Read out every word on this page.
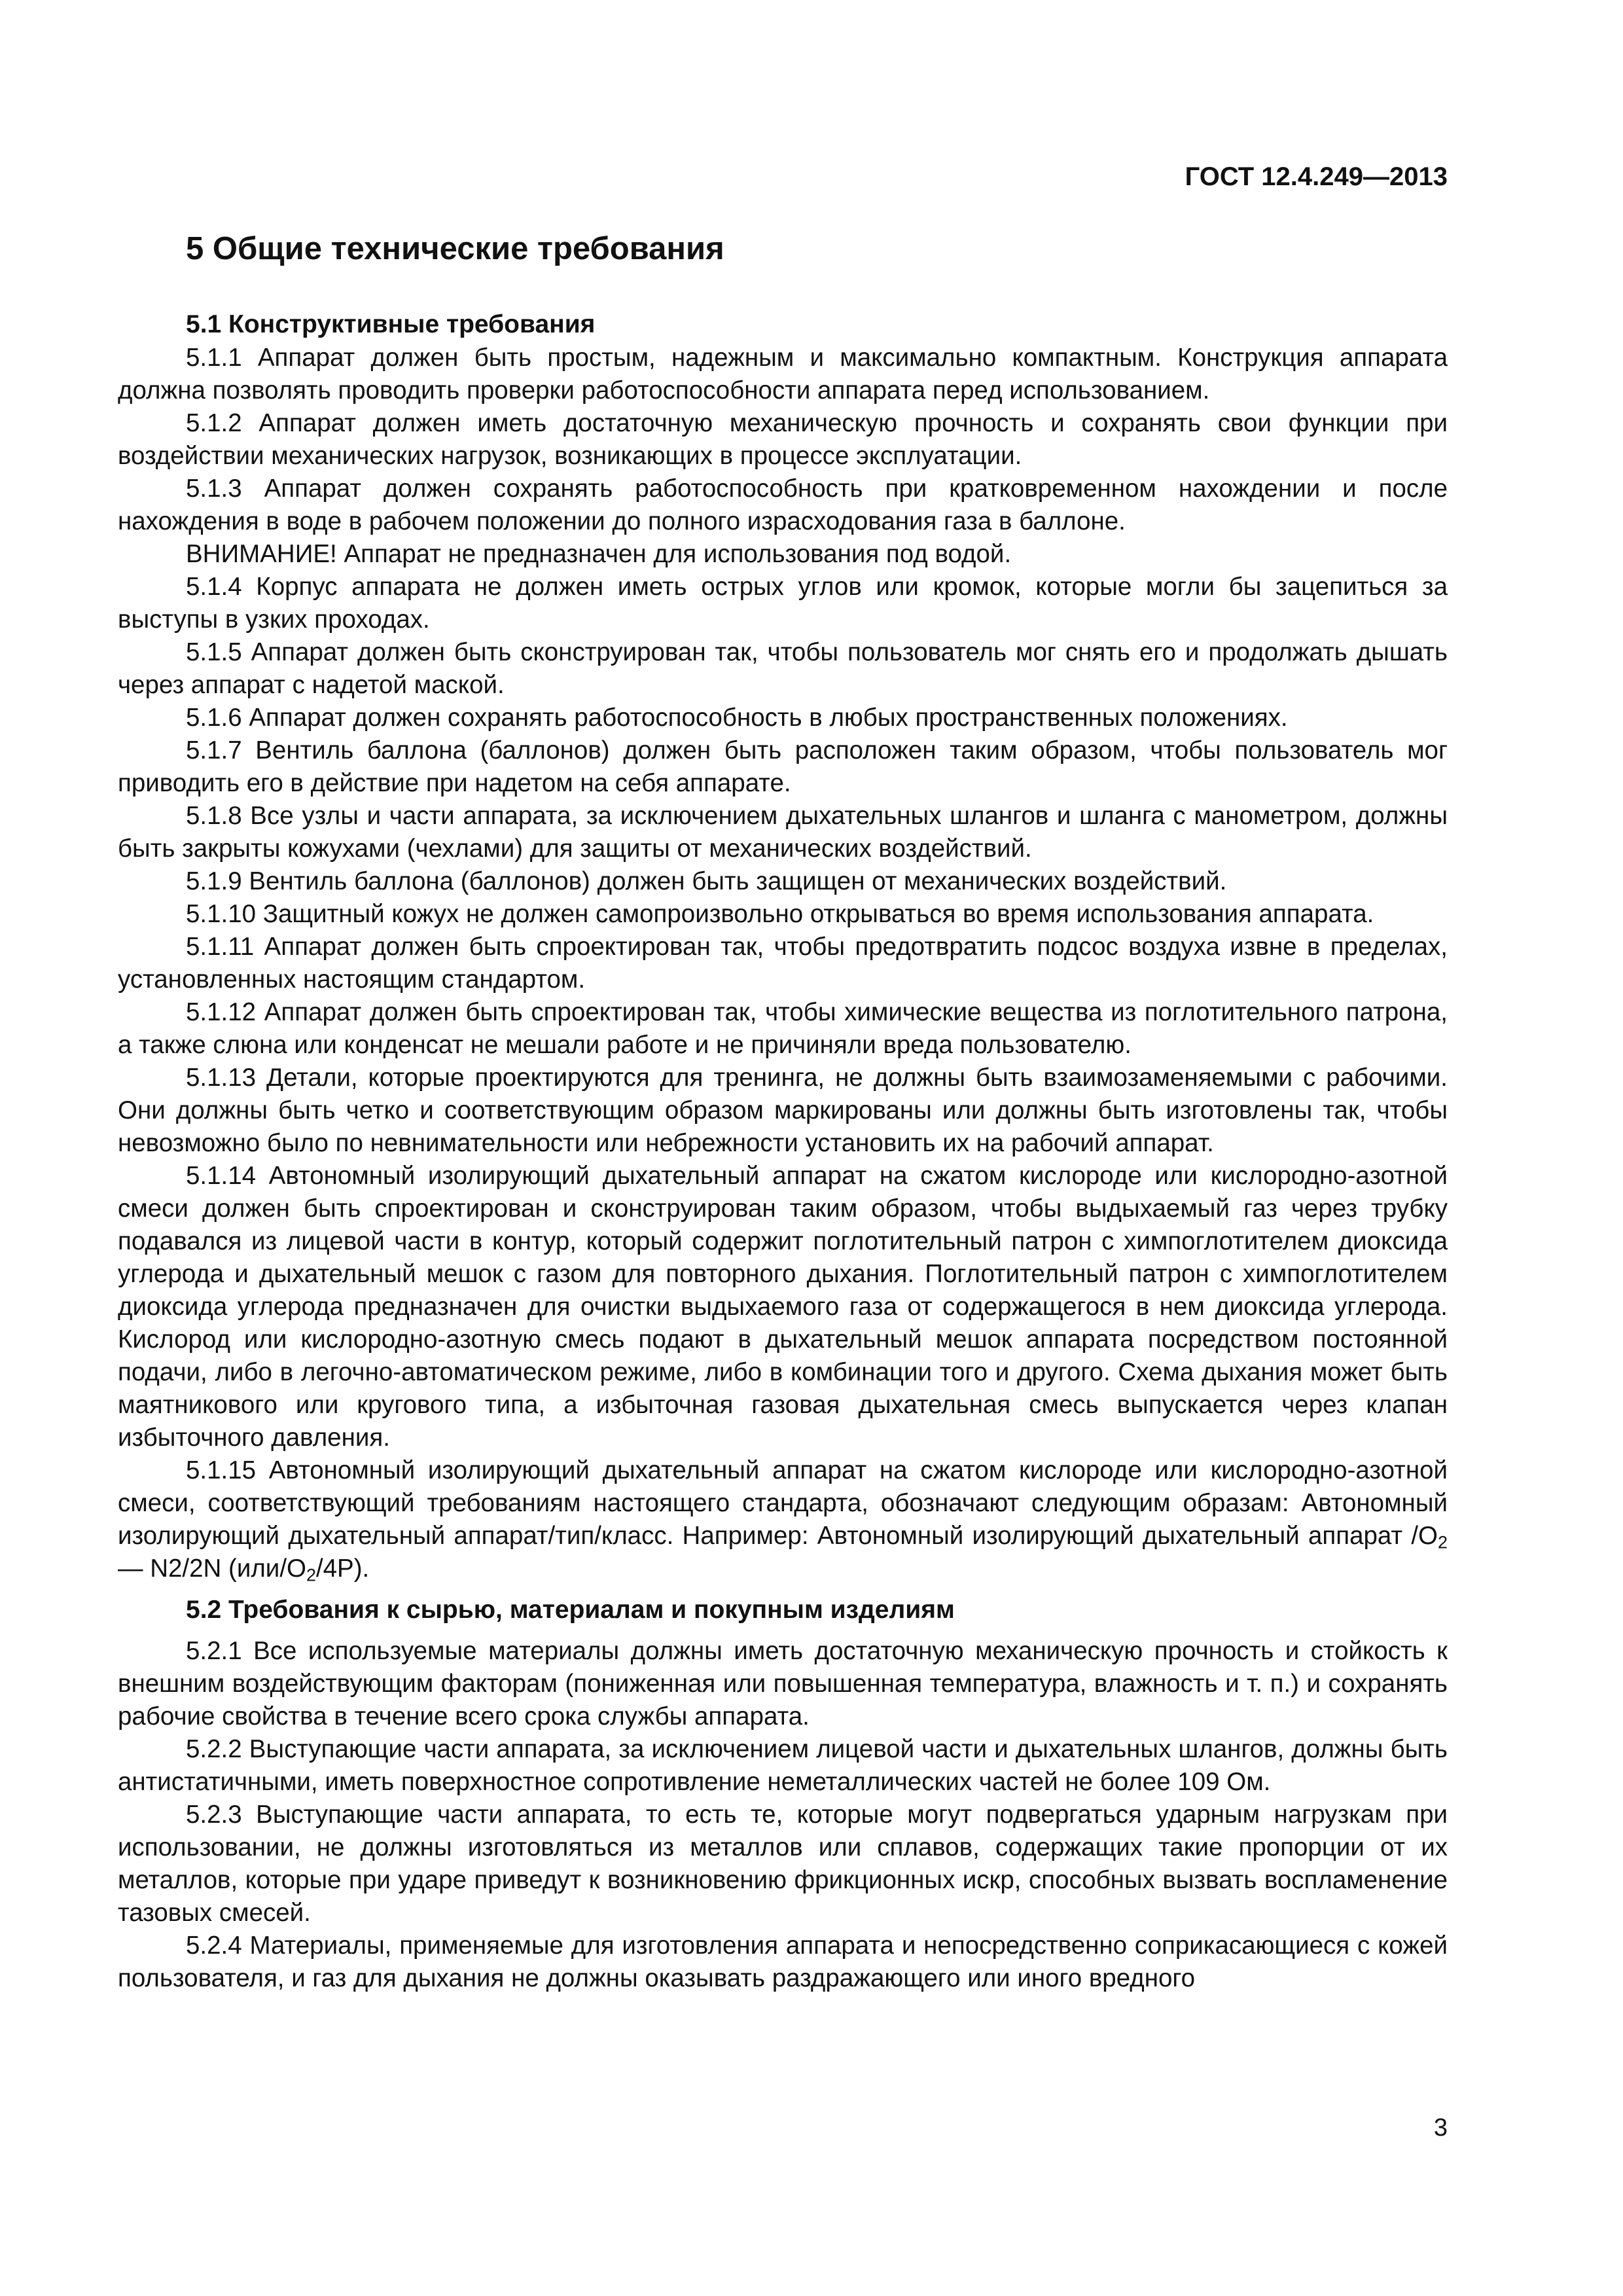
ГОСТ 12.4.249—2013

5 Общие технические требования
5.1 Конструктивные требования

5.1.1 Аппарат должен быть простым, надежным и максимально компактным. Конструкция аппарата должна позволять проводить проверки работоспособности аппарата перед использованием.

5.1.2 Аппарат должен иметь достаточную механическую прочность и сохранять свои функции при воздействии механических нагрузок, возникающих в процессе эксплуатации.

5.1.3 Аппарат должен сохранять работоспособность при кратковременном нахождении и после нахождения в воде в рабочем положении до полного израсходования газа в баллоне.

ВНИМАНИЕ! Аппарат не предназначен для использования под водой.

5.1.4 Корпус аппарата не должен иметь острых углов или кромок, которые могли бы зацепиться за выступы в узких проходах.

5.1.5 Аппарат должен быть сконструирован так, чтобы пользователь мог снять его и продолжать дышать через аппарат с надетой маской.

5.1.6 Аппарат должен сохранять работоспособность в любых пространственных положениях.

5.1.7 Вентиль баллона (баллонов) должен быть расположен таким образом, чтобы пользователь мог приводить его в действие при надетом на себя аппарате.

5.1.8 Все узлы и части аппарата, за исключением дыхательных шлангов и шланга с манометром, должны быть закрыты кожухами (чехлами) для защиты от механических воздействий.

5.1.9 Вентиль баллона (баллонов) должен быть защищен от механических воздействий.

5.1.10 Защитный кожух не должен самопроизвольно открываться во время использования аппарата.

5.1.11 Аппарат должен быть спроектирован так, чтобы предотвратить подсос воздуха извне в пределах, установленных настоящим стандартом.

5.1.12 Аппарат должен быть спроектирован так, чтобы химические вещества из поглотительного патрона, а также слюна или конденсат не мешали работе и не причиняли вреда пользователю.

5.1.13 Детали, которые проектируются для тренинга, не должны быть взаимозаменяемыми с рабочими. Они должны быть четко и соответствующим образом маркированы или должны быть изготовлены так, чтобы невозможно было по невнимательности или небрежности установить их на рабочий аппарат.

5.1.14 Автономный изолирующий дыхательный аппарат на сжатом кислороде или кислородно-азотной смеси должен быть спроектирован и сконструирован таким образом, чтобы выдыхаемый газ через трубку подавался из лицевой части в контур, который содержит поглотительный патрон с химпоглотителем диоксида углерода и дыхательный мешок с газом для повторного дыхания. Поглотительный патрон с химпоглотителем диоксида углерода предназначен для очистки выдыхаемого газа от содержащегося в нем диоксида углерода. Кислород или кислородно-азотную смесь подают в дыхательный мешок аппарата посредством постоянной подачи, либо в легочно-автоматическом режиме, либо в комбинации того и другого. Схема дыхания может быть маятникового или кругового типа, а избыточная газовая дыхательная смесь выпускается через клапан избыточного давления.

5.1.15 Автономный изолирующий дыхательный аппарат на сжатом кислороде или кислородно-азотной смеси, соответствующий требованиям настоящего стандарта, обозначают следующим образам: Автономный изолирующий дыхательный аппарат/тип/класс. Например: Автономный изолирующий дыхательный аппарат $/O_2$ — N2/2N $(или/O_2/4P)$.

5.2 Требования к сырью, материалам и покупным изделиям

5.2.1 Все используемые материалы должны иметь достаточную механическую прочность и стойкость к внешним воздействующим факторам (пониженная или повышенная температура, влажность и т. п.) и сохранять рабочие свойства в течение всего срока службы аппарата.

5.2.2 Выступающие части аппарата, за исключением лицевой части и дыхательных шлангов, должны быть антистатичными, иметь поверхностное сопротивление неметаллических частей не более 109 Ом.

5.2.3 Выступающие части аппарата, то есть те, которые могут подвергаться ударным нагрузкам при использовании, не должны изготовляться из металлов или сплавов, содержащих такие пропорции от их металлов, которые при ударе приведут к возникновению фрикционных искр, способных вызвать воспламенение тазовых смесей.

5.2.4 Материалы, применяемые для изготовления аппарата и непосредственно соприкасающиеся с кожей пользователя, и газ для дыхания не должны оказывать раздражающего или иного вредного

3
